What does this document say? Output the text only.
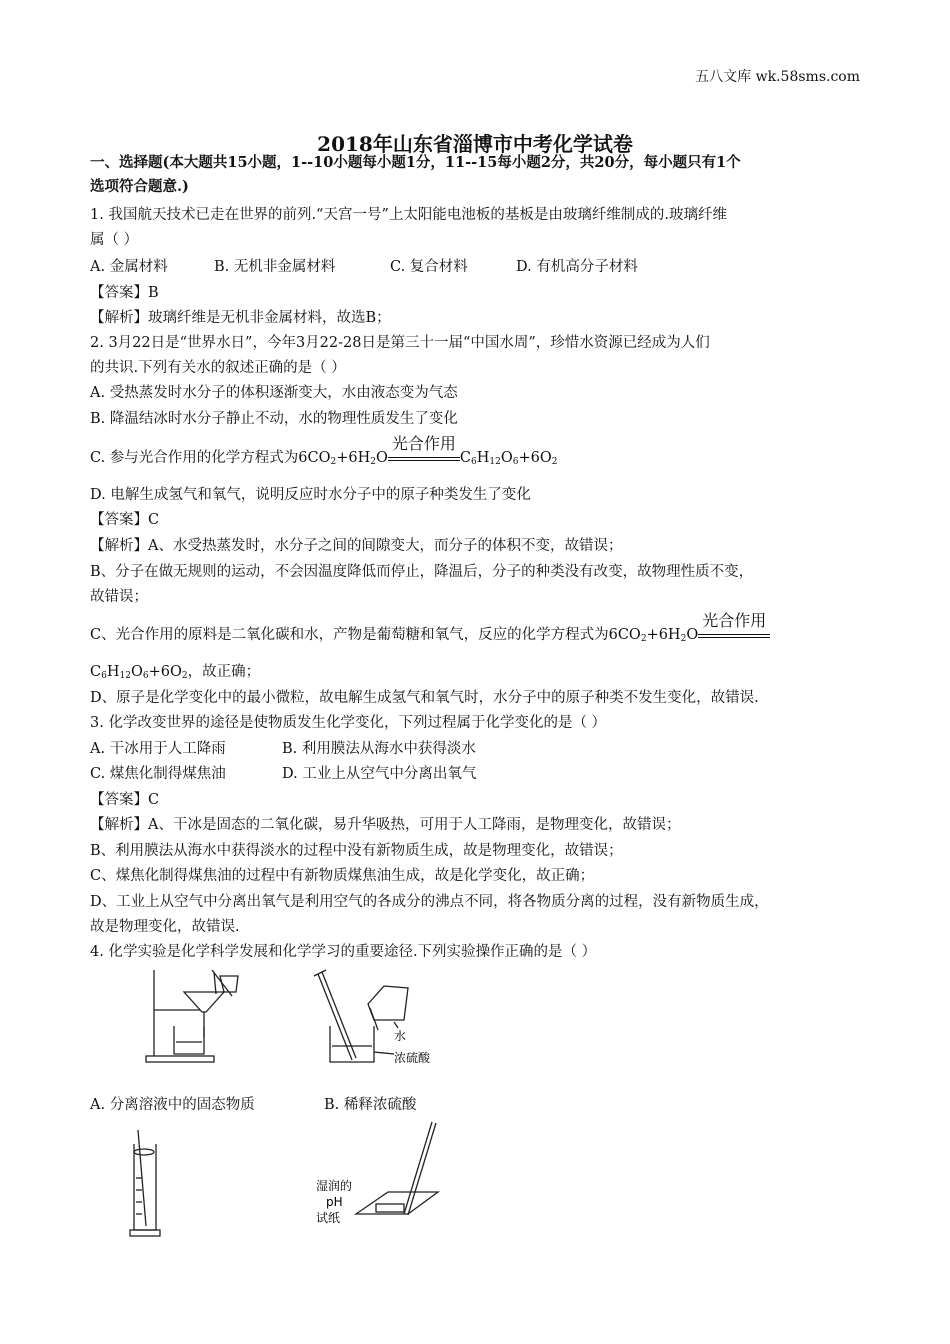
五八文库 wk.58sms.com
2018年山东省淄博市中考化学试卷
一、选择题(本大题共15小题，1--10小题每小题1分，11--15每小题2分，共20分，每小题只有1个
选项符合题意.)
1. 我国航天技术已走在世界的前列.“天宫一号”上太阳能电池板的基板是由玻璃纤维制成的.玻璃纤维
属（ ）
A. 金属材料	B. 无机非金属材料	C. 复合材料	D. 有机高分子材料
【答案】B
【解析】玻璃纤维是无机非金属材料，故选B；
2. 3月22日是“世界水日”，今年3月22-28日是第三十一届“中国水周”，珍惜水资源已经成为人们
的共识.下列有关水的叙述正确的是（ ）
A. 受热蒸发时水分子的体积逐渐变大，水由液态变为气态
B. 降温结冰时水分子静止不动，水的物理性质发生了变化
C. 参与光合作用的化学方程式为$6CO_2+6H_2O$
光合作用
$C_6H_{12}O_6+6O_2$
D. 电解生成氢气和氧气，说明反应时水分子中的原子种类发生了变化
【答案】C
【解析】A、水受热蒸发时，水分子之间的间隙变大，而分子的体积不变，故错误；
B、分子在做无规则的运动，不会因温度降低而停止，降温后，分子的种类没有改变，故物理性质不变，
故错误；
C、光合作用的原料是二氧化碳和水，产物是葡萄糖和氧气，反应的化学方程式为$6CO_2+6H_2O$
光合作用
$C_6H_{12}O_6+6O_2$，故正确；
D、原子是化学变化中的最小微粒，故电解生成氢气和氧气时，水分子中的原子种类不发生变化，故错误.
3. 化学改变世界的途径是使物质发生化学变化，下列过程属于化学变化的是（ ）
A. 干冰用于人工降雨	B. 利用膜法从海水中获得淡水
C. 煤焦化制得煤焦油	D. 工业上从空气中分离出氧气
【答案】C
【解析】A、干冰是固态的二氧化碳，易升华吸热，可用于人工降雨，是物理变化，故错误；
B、利用膜法从海水中获得淡水的过程中没有新物质生成，故是物理变化，故错误；
C、煤焦化制得煤焦油的过程中有新物质煤焦油生成，故是化学变化，故正确；
D、工业上从空气中分离出氧气是利用空气的各成分的沸点不同，将各物质分离的过程，没有新物质生成，
故是物理变化，故错误.
4. 化学实验是化学科学发展和化学学习的重要途径.下列实验操作正确的是（ ）
水
浓硫酸
A. 分离溶液中的固态物质	B. 稀释浓硫酸
湿润的
pH
试纸
